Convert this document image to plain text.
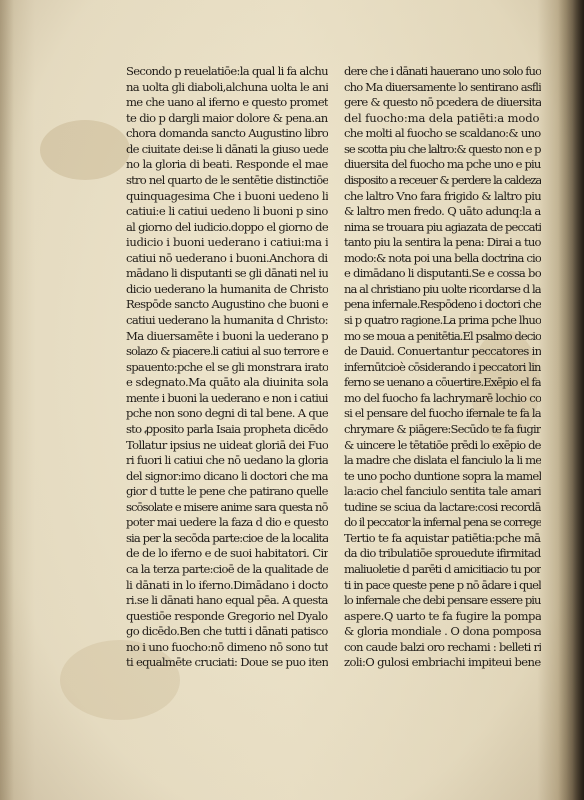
Secondo p reuelatiōe:la qual li fa alchu
na uolta gli diaboli,alchuna uolta le ani
me che uano al iferno e questo promet
te dio p dargli maior dolore & pena.an
chora domanda sancto Augustino libro
de ciuitate dei:se li dānati la giuso uede
no la gloria di beati. Responde el mae
stro nel quarto de le sentētie distinctiōe
quinquagesima Che i buoni uedeno li
catiui:e li catiui uedeno li buoni p sino
al giorno del iudicio.doppo el giorno de
iudicio i buoni uederano i catiui:ma i
catiui nō uederano i buoni.Anchora di
mādano li disputanti se gli dānati nel iu
dicio uederano la humanita de Christo
Respōde sancto Augustino che buoni e
catiui uederano la humanita d Christo:
Ma diuersamēte i buoni la uederano p
solazo & piacere.li catiui al suo terrore e
spauento:pche el se gli monstrara irato
e sdegnato.Ma quāto ala diuinita sola
mente i buoni la uederano e non i catiui
pche non sono degni di tal bene. A que
sto ꝓposito parla Isaia propheta dicēdo
Tollatur ipsius ne uideat gloriā dei Fuo
ri fuori li catiui che nō uedano la gloria
del signor:imo dicano li doctori che ma
gior d tutte le pene che patirano quelle
scōsolate e misere anime sara questa nō
poter mai uedere la faza d dio e questo
sia per la secōda parte:cioe de la localita
de de lo iferno e de suoi habitatori. Cir
ca la terza parte:cioē de la qualitade de
li dānati in lo iferno.Dimādano i docto
ri.se li dānati hano equal pēa. A questa
questiōe responde Gregorio nel Dyalo
go dicēdo.Ben che tutti i dānati patisco
no i uno fuocho:nō dimeno nō sono tut
ti equalmēte cruciati: Doue se puo iten
dere che i dānati hauerano uno solo fuo
cho Ma diuersamente lo sentirano asfli
gere & questo nō pcedera de diuersita
del fuocho:ma dela patiēti:a modo
che molti al fuocho se scaldano:& uno
se scotta piu che laltro:& questo non e p
diuersita del fuocho ma pche uno e piu
disposito a receuer & perdere la caldeza
che laltro Vno fara frigido & laltro piu
& laltro men fredo. Q uāto adunq:la a
nima se trouara piu agiazata de peccati
tanto piu la sentira la pena: Dirai a tuo
modo:& nota poi una bella doctrina cio
e dimādano li disputanti.Se e cossa bo
na al christiano piu uolte ricordarse d la
pena infernale.Respōdeno i doctori che
si p quatro ragione.La prima pche lhuo
mo se moua a penitētia.El psalmo decio
de Dauid. Conuertantur peccatores in
infernūtcioè cōsiderando i peccatori lin
ferno se uenano a cōuertire.Exēpio el fa
mo del fuocho fa lachrymarē lochio co
si el pensare del fuocho ifernale te fa la
chrymare & piāgere:Secūdo te fa fugir
& uincere le tētatiōe prēdi lo exēpio de
la madre che dislata el fanciulo la li me
te uno pocho duntione sopra la mamel
la:acio chel fanciulo sentita tale amari
tudine se sciua da lactare:cosi recordā
do il peccator la infernal pena se correge
Tertio te fa aquistar patiētia:pche mā
da dio tribulatiōe sprouedute ifirmitad
maliuoletie d parēti d amicitiacio tu por
ti in pace queste pene p nō ādare i quel
lo infernale che debi pensare essere piu
aspere.Q uarto te fa fugire la pompa
& gloria mondiale . O dona pomposa
con caude balzi oro rechami : belleti ri
zoli:O gulosi embriachi impiteui bene
